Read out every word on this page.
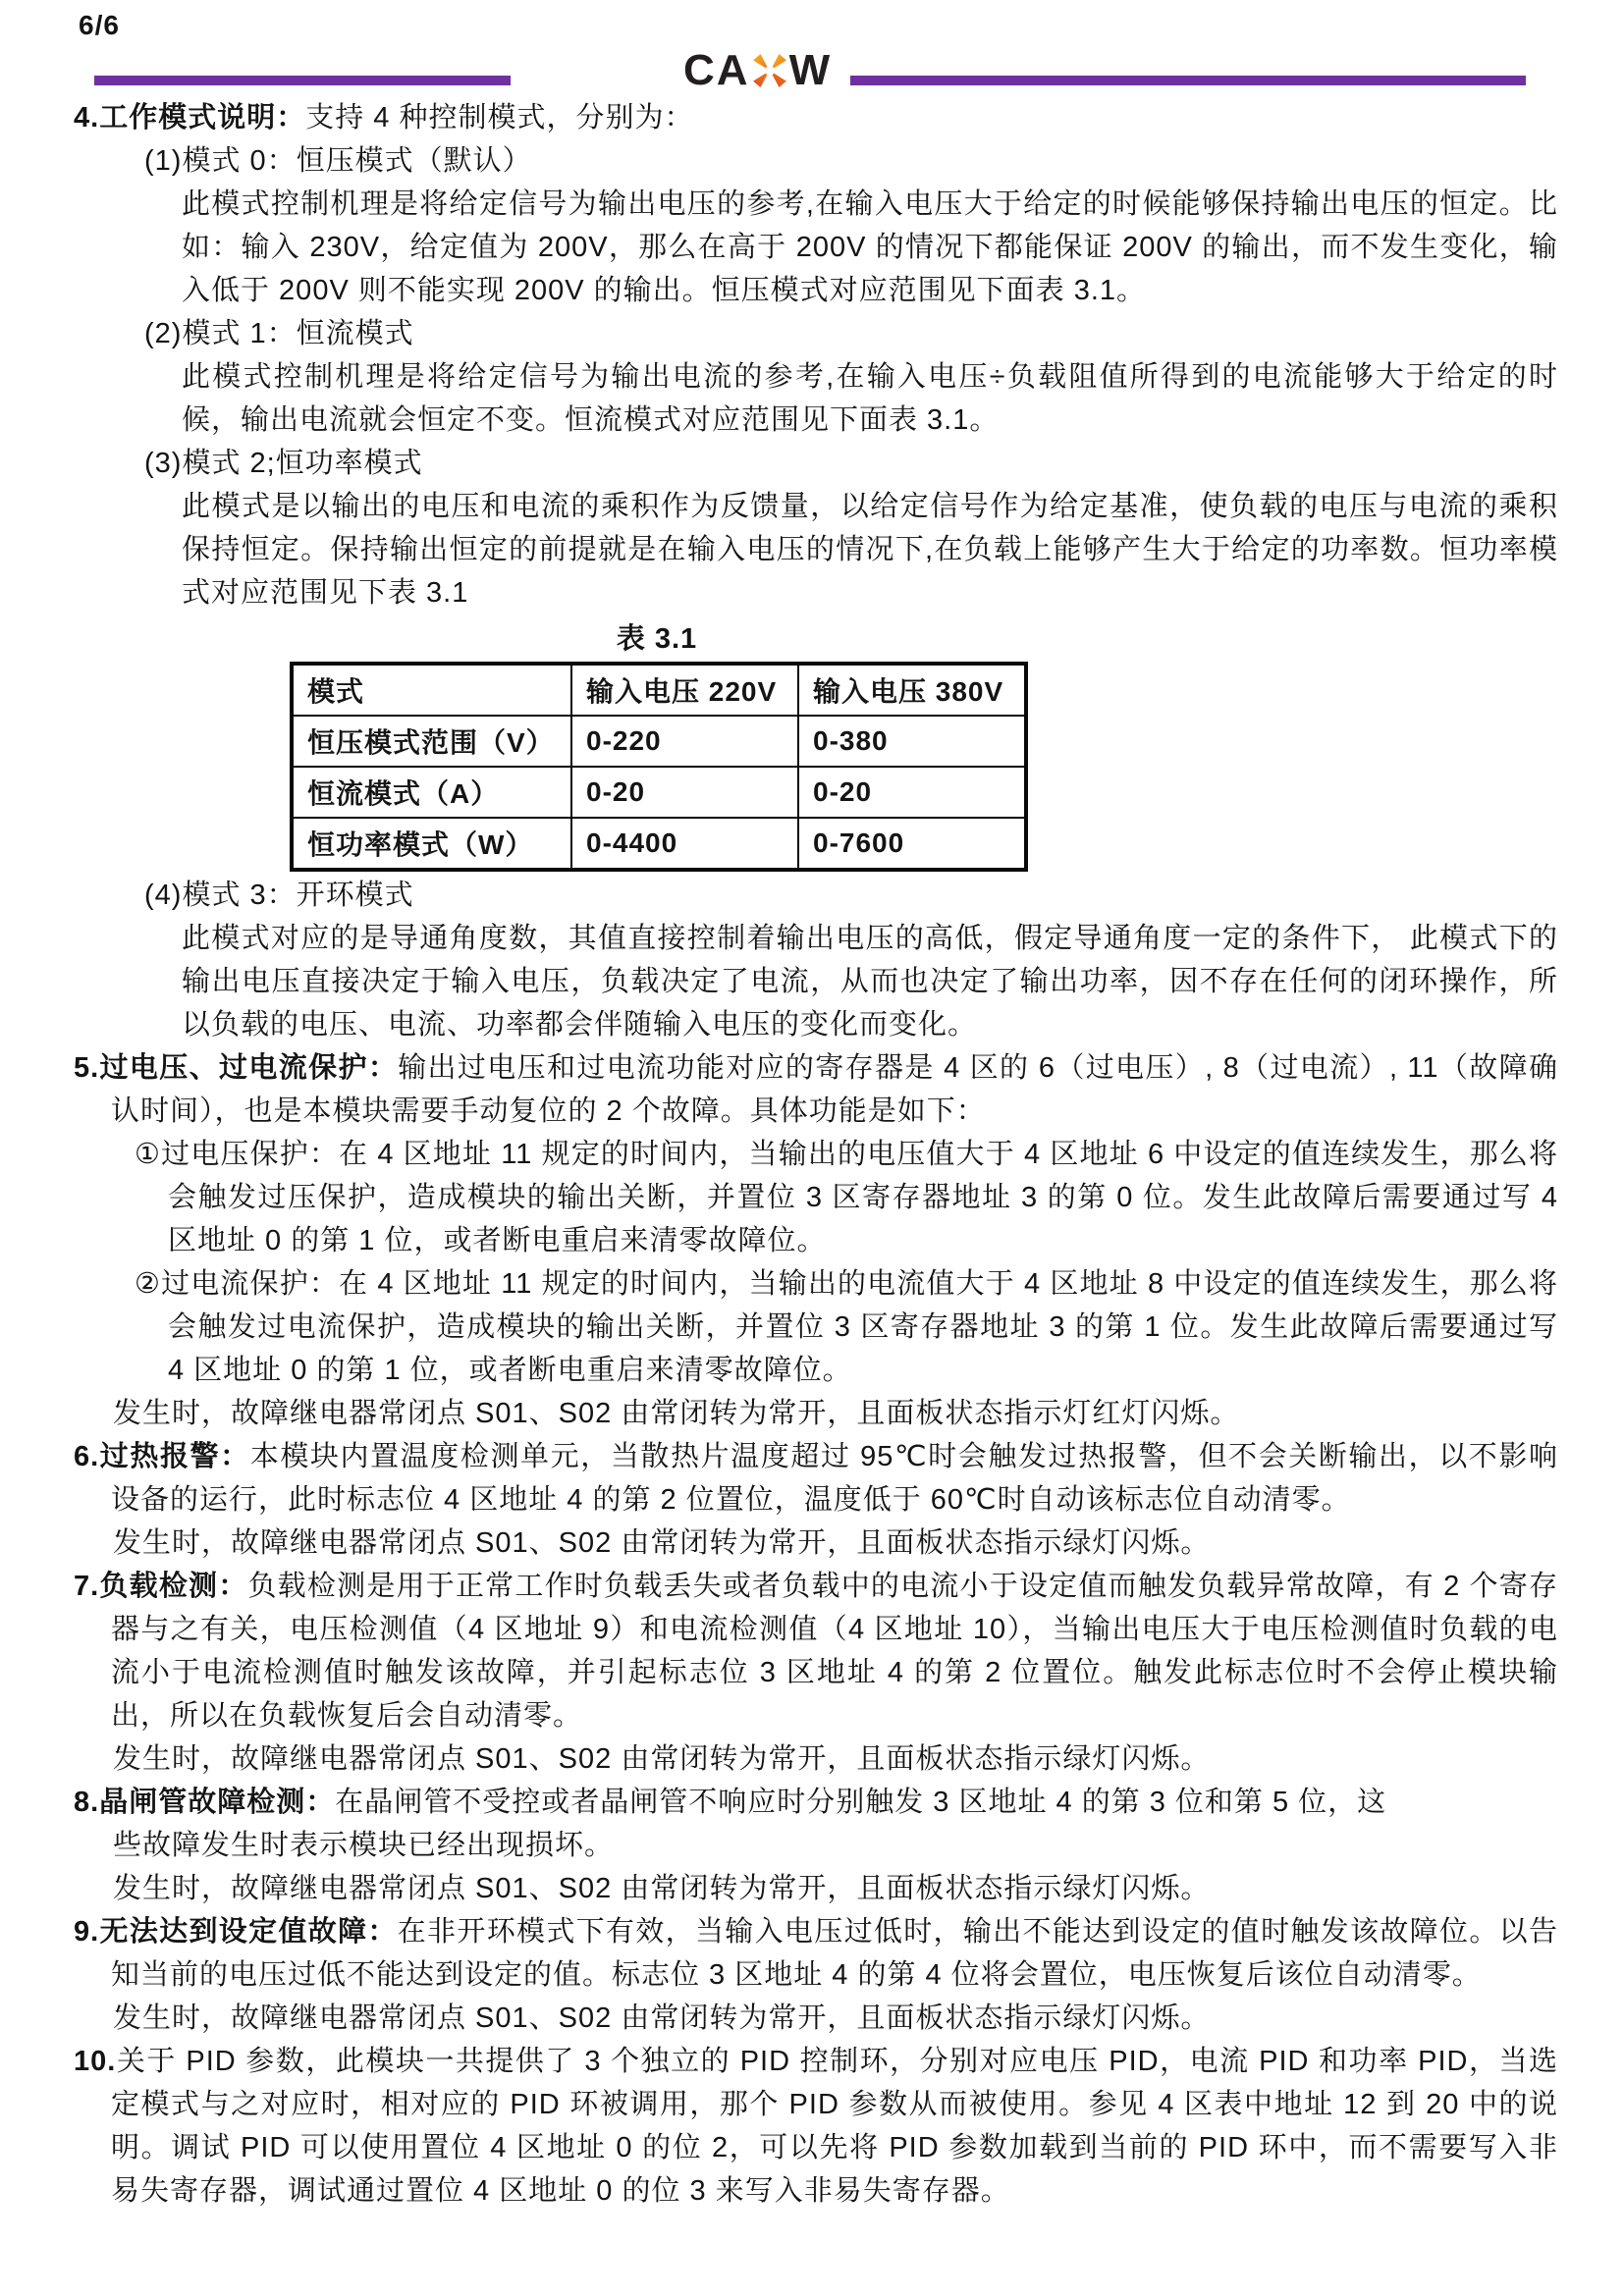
6/6
CA W

4.工作模式说明：支持 4 种控制模式，分别为：

(1)模式 0：恒压模式（默认）

此模式控制机理是将给定信号为输出电压的参考,在输入电压大于给定的时候能够保持输出电压的恒定。比如：输入 230V，给定值为 200V，那么在高于 200V 的情况下都能保证 200V 的输出，而不发生变化，输入低于 200V 则不能实现 200V 的输出。恒压模式对应范围见下面表 3.1。

(2)模式 1：恒流模式

此模式控制机理是将给定信号为输出电流的参考,在输入电压÷负载阻值所得到的电流能够大于给定的时候，输出电流就会恒定不变。恒流模式对应范围见下面表 3.1。

(3)模式 2;恒功率模式

此模式是以输出的电压和电流的乘积作为反馈量，以给定信号作为给定基准，使负载的电压与电流的乘积保持恒定。保持输出恒定的前提就是在输入电压的情况下,在负载上能够产生大于给定的功率数。恒功率模式对应范围见下表 3.1

表 3.1
模式	输入电压 220V	输入电压 380V
恒压模式范围（V）	0-220	0-380
恒流模式（A）	0-20	0-20
恒功率模式（W）	0-4400	0-7600

(4)模式 3：开环模式

此模式对应的是导通角度数，其值直接控制着输出电压的高低，假定导通角度一定的条件下， 此模式下的输出电压直接决定于输入电压，负载决定了电流，从而也决定了输出功率，因不存在任何的闭环操作，所以负载的电压、电流、功率都会伴随输入电压的变化而变化。

5.过电压、过电流保护：输出过电压和过电流功能对应的寄存器是 4 区的 6（过电压）, 8（过电流）, 11（故障确认时间），也是本模块需要手动复位的 2 个故障。具体功能是如下：

①过电压保护：在 4 区地址 11 规定的时间内，当输出的电压值大于 4 区地址 6 中设定的值连续发生，那么将会触发过压保护，造成模块的输出关断，并置位 3 区寄存器地址 3 的第 0 位。发生此故障后需要通过写 4 区地址 0 的第 1 位，或者断电重启来清零故障位。

②过电流保护：在 4 区地址 11 规定的时间内，当输出的电流值大于 4 区地址 8 中设定的值连续发生，那么将会触发过电流保护，造成模块的输出关断，并置位 3 区寄存器地址 3 的第 1 位。发生此故障后需要通过写 4 区地址 0 的第 1 位，或者断电重启来清零故障位。

发生时，故障继电器常闭点 S01、S02 由常闭转为常开，且面板状态指示灯红灯闪烁。

6.过热报警：本模块内置温度检测单元，当散热片温度超过 95℃时会触发过热报警，但不会关断输出，以不影响设备的运行，此时标志位 4 区地址 4 的第 2 位置位，温度低于 60℃时自动该标志位自动清零。

发生时，故障继电器常闭点 S01、S02 由常闭转为常开，且面板状态指示绿灯闪烁。

7.负载检测：负载检测是用于正常工作时负载丢失或者负载中的电流小于设定值而触发负载异常故障，有 2 个寄存器与之有关，电压检测值（4 区地址 9）和电流检测值（4 区地址 10），当输出电压大于电压检测值时负载的电流小于电流检测值时触发该故障，并引起标志位 3 区地址 4 的第 2 位置位。触发此标志位时不会停止模块输出，所以在负载恢复后会自动清零。

发生时，故障继电器常闭点 S01、S02 由常闭转为常开，且面板状态指示绿灯闪烁。

8.晶闸管故障检测：在晶闸管不受控或者晶闸管不响应时分别触发 3 区地址 4 的第 3 位和第 5 位，这

些故障发生时表示模块已经出现损坏。

发生时，故障继电器常闭点 S01、S02 由常闭转为常开，且面板状态指示绿灯闪烁。

9.无法达到设定值故障：在非开环模式下有效，当输入电压过低时，输出不能达到设定的值时触发该故障位。以告知当前的电压过低不能达到设定的值。标志位 3 区地址 4 的第 4 位将会置位，电压恢复后该位自动清零。

发生时，故障继电器常闭点 S01、S02 由常闭转为常开，且面板状态指示绿灯闪烁。

10.关于 PID 参数，此模块一共提供了 3 个独立的 PID 控制环，分别对应电压 PID，电流 PID 和功率 PID，当选定模式与之对应时，相对应的 PID 环被调用，那个 PID 参数从而被使用。参见 4 区表中地址 12 到 20 中的说明。调试 PID 可以使用置位 4 区地址 0 的位 2，可以先将 PID 参数加载到当前的 PID 环中，而不需要写入非易失寄存器，调试通过置位 4 区地址 0 的位 3 来写入非易失寄存器。
